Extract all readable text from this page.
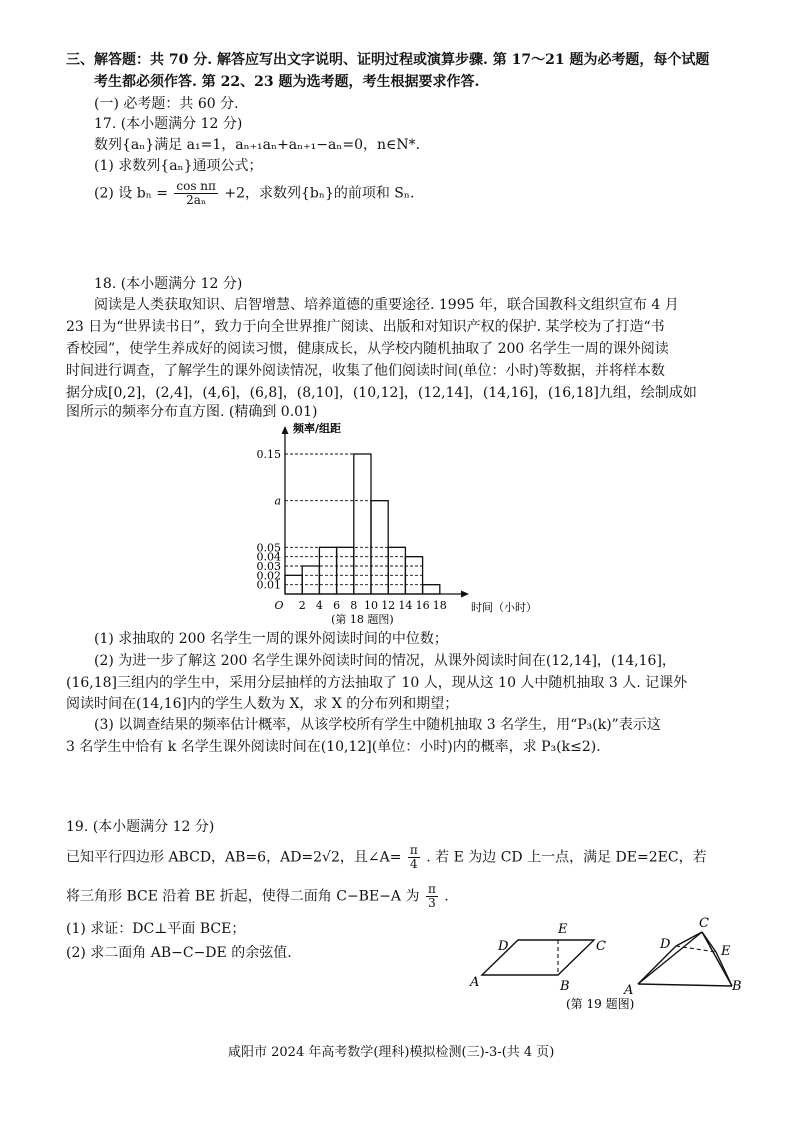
三、解答题：共 70 分. 解答应写出文字说明、证明过程或演算步骤. 第 17～21 题为必考题，每个试题
考生都必须作答. 第 22、23 题为选考题，考生根据要求作答.
(一) 必考题：共 60 分.
17. (本小题满分 12 分)
数列{aₙ}满足 a₁=1，aₙ₊₁aₙ+aₙ₊₁−aₙ=0，n∈N*.
(1) 求数列{aₙ}通项公式；
(2) 设 $b_n = \frac{\text{cos nπ}}{\text{2aₙ}} +2$，求数列{bₙ}的前项和 Sₙ.
18. (本小题满分 12 分)
阅读是人类获取知识、启智增慧、培养道德的重要途径. 1995 年，联合国教科文组织宣布 4 月
23 日为“世界读书日”，致力于向全世界推广阅读、出版和对知识产权的保护. 某学校为了打造“书
香校园”，使学生养成好的阅读习惯，健康成长，从学校内随机抽取了 200 名学生一周的课外阅读
时间进行调查，了解学生的课外阅读情况，收集了他们阅读时间(单位：小时)等数据，并将样本数
据分成[0,2]，(2,4]，(4,6]，(6,8]，(8,10]，(10,12]，(12,14]，(14,16]，(16,18]九组，绘制成如
图所示的频率分布直方图. (精确到 0.01)
0.01
0.02
0.03
0.04
0.05
a
0.15
频率/组距
时间（小时）
O 2 4 6 8 10 12 14 16 18
(第 18 题图)
(1) 求抽取的 200 名学生一周的课外阅读时间的中位数；
(2) 为进一步了解这 200 名学生课外阅读时间的情况，从课外阅读时间在(12,14]，(14,16]，
(16,18]三组内的学生中，采用分层抽样的方法抽取了 10 人，现从这 10 人中随机抽取 3 人. 记课外
阅读时间在(14,16]内的学生人数为 X，求 X 的分布列和期望；
(3) 以调查结果的频率估计概率，从该学校所有学生中随机抽取 3 名学生，用“P₃(k)”表示这
3 名学生中恰有 k 名学生课外阅读时间在(10,12](单位：小时)内的概率，求 P₃(k≤2).
19. (本小题满分 12 分)
已知平行四边形 ABCD，AB=6，AD=2√2，且∠A= $\frac{\pi}{4}$ . 若 E 为边 CD 上一点，满足 DE=2EC，若
将三角形 BCE 沿着 BE 折起，使得二面角 C−BE−A 为 $\frac{\pi}{3}$ .
(1) 求证：DC⊥平面 BCE；
(2) 求二面角 AB−C−DE 的余弦值.
A
D
E
C
B	A
D
C
E
B
(第 19 题图)
咸阳市 2024 年高考数学(理科)模拟检测(三)-3-(共 4 页)
